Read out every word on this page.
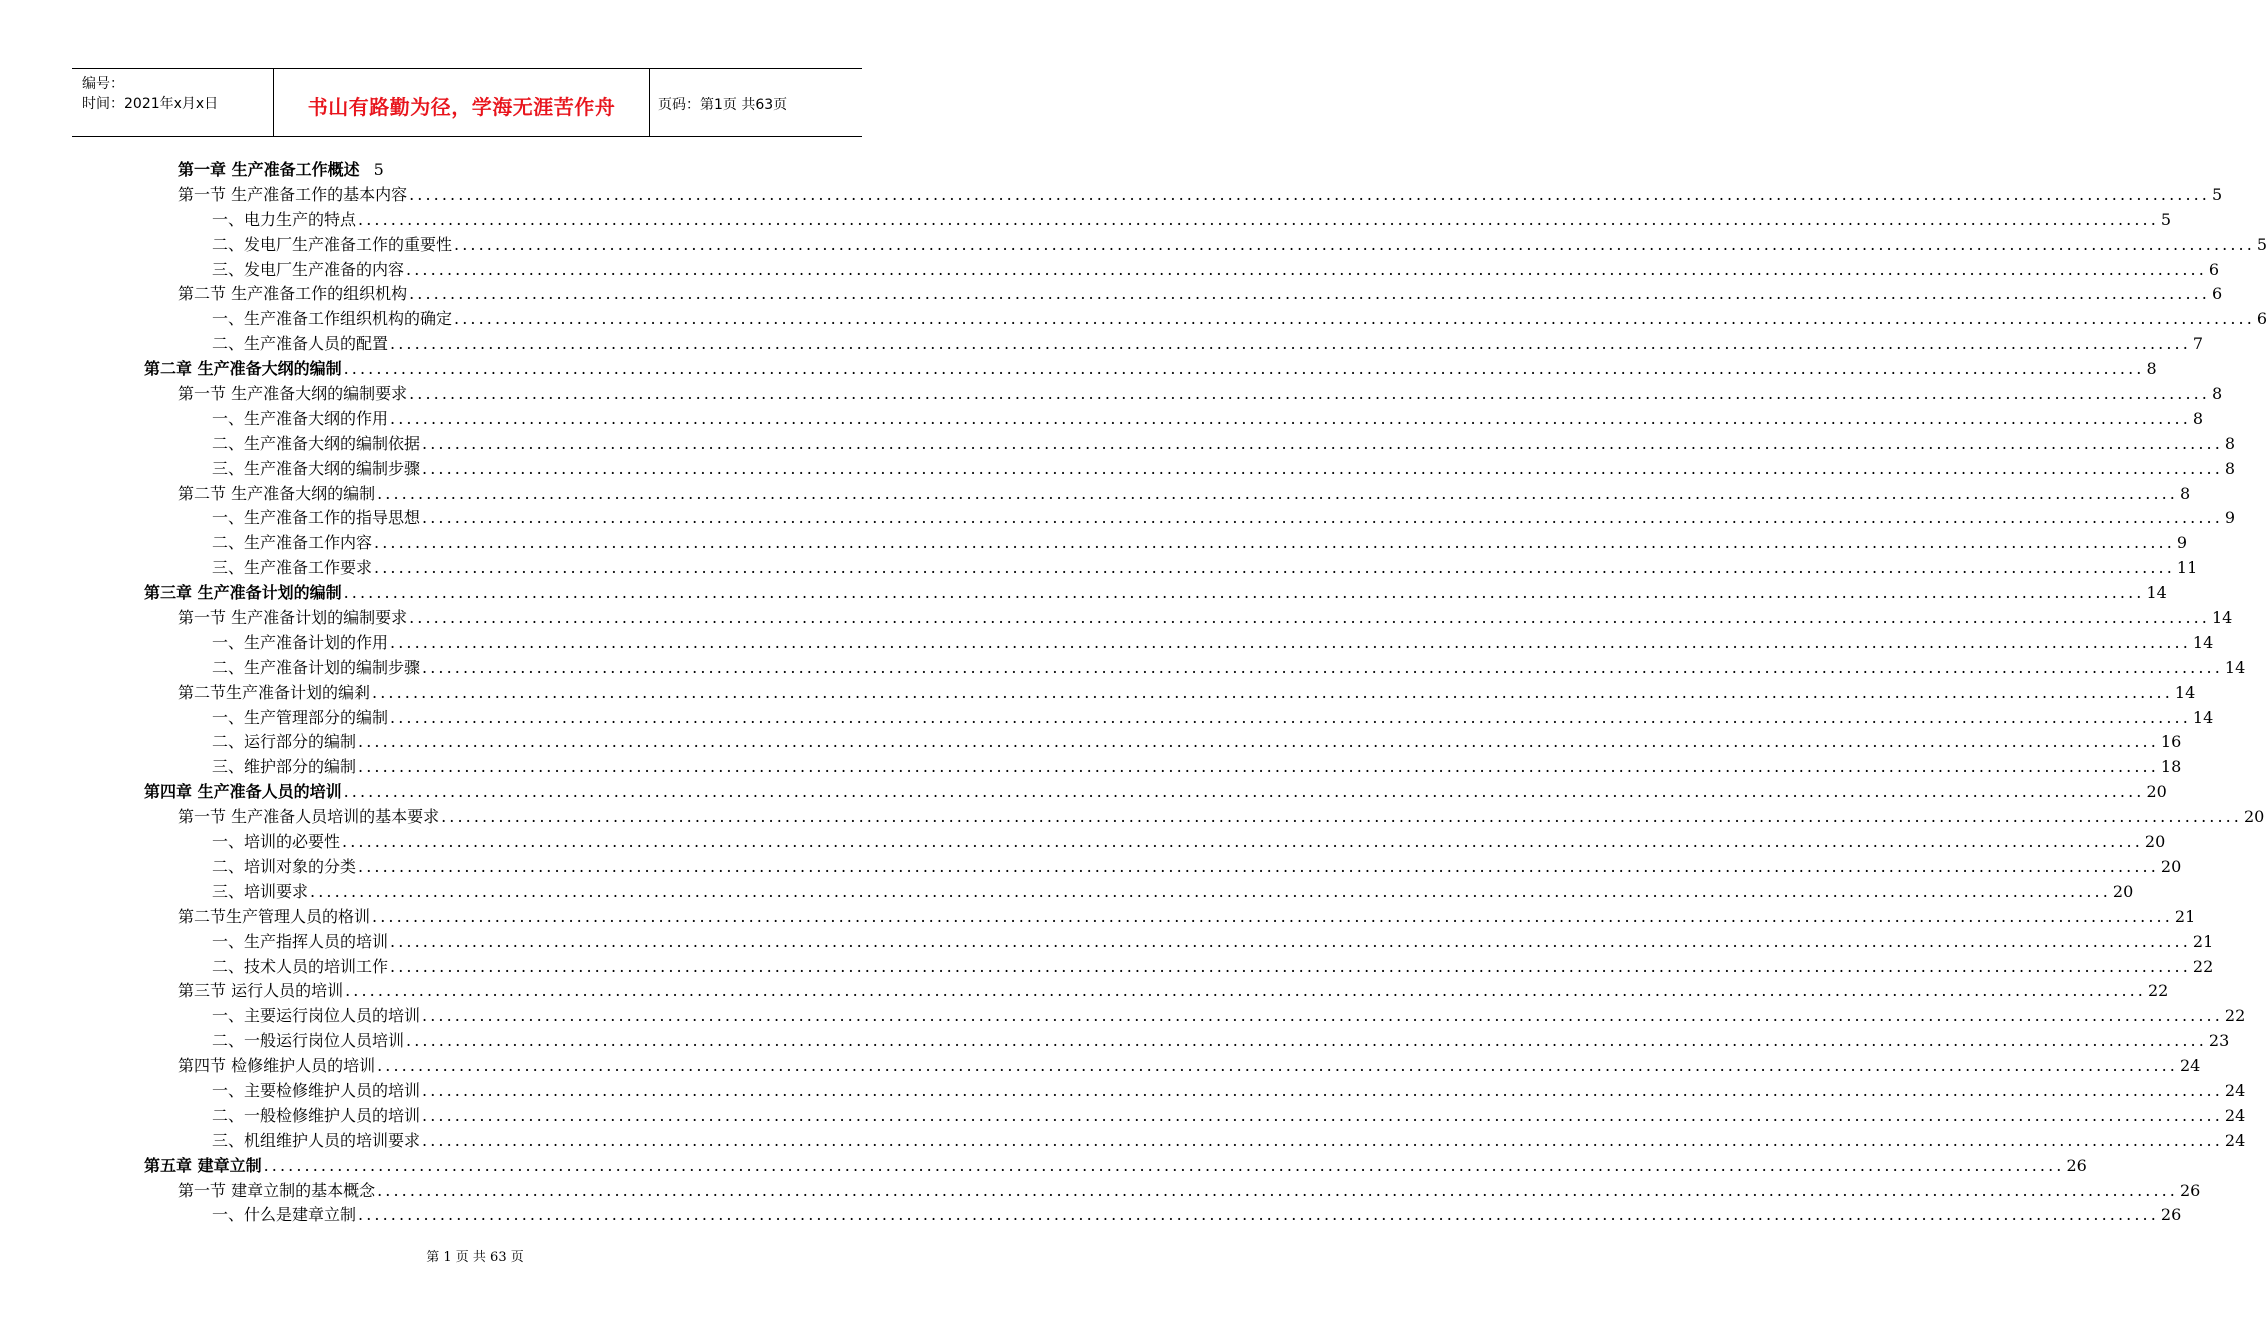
编号：
时间：2021年x月x日	书山有路勤为径，学海无涯苦作舟	页码：第1页 共63页
第一章 生产准备工作概述 5
第一节 生产准备工作的基本内容 ............................................................................................................................................................................................................................ 5
一、电力生产的特点 ............................................................................................................................................................................................................................ 5
二、发电厂生产准备工作的重要性 ............................................................................................................................................................................................................................ 5
三、发电厂生产准备的内容 ............................................................................................................................................................................................................................ 6
第二节 生产准备工作的组织机构 ............................................................................................................................................................................................................................ 6
一、生产准备工作组织机构的确定 ............................................................................................................................................................................................................................ 6
二、生产准备人员的配置 ............................................................................................................................................................................................................................ 7
第二章 生产准备大纲的编制 ............................................................................................................................................................................................................................ 8
第一节 生产准备大纲的编制要求 ............................................................................................................................................................................................................................ 8
一、生产准备大纲的作用 ............................................................................................................................................................................................................................ 8
二、生产准备大纲的编制依据 ............................................................................................................................................................................................................................ 8
三、生产准备大纲的编制步骤 ............................................................................................................................................................................................................................ 8
第二节 生产准备大纲的编制 ............................................................................................................................................................................................................................ 8
一、生产准备工作的指导思想 ............................................................................................................................................................................................................................ 9
二、生产准备工作内容 ............................................................................................................................................................................................................................ 9
三、生产准备工作要求 ............................................................................................................................................................................................................................ 11
第三章 生产准备计划的编制 ............................................................................................................................................................................................................................ 14
第一节 生产准备计划的编制要求 ............................................................................................................................................................................................................................ 14
一、生产准备计划的作用 ............................................................................................................................................................................................................................ 14
二、生产准备计划的编制步骤 ............................................................................................................................................................................................................................ 14
第二节生产准备计划的编剎 ............................................................................................................................................................................................................................ 14
一、生产管理部分的编制 ............................................................................................................................................................................................................................ 14
二、运行部分的编制 ............................................................................................................................................................................................................................ 16
三、维护部分的编制 ............................................................................................................................................................................................................................ 18
第四章 生产准备人员的培训 ............................................................................................................................................................................................................................ 20
第一节 生产准备人员培训的基本要求 ............................................................................................................................................................................................................................ 20
一、培训的必要性 ............................................................................................................................................................................................................................ 20
二、培训对象的分类 ............................................................................................................................................................................................................................ 20
三、培训要求 ............................................................................................................................................................................................................................ 20
第二节生产管理人员的格训 ............................................................................................................................................................................................................................ 21
一、生产指挥人员的培训 ............................................................................................................................................................................................................................ 21
二、技术人员的培训工作 ............................................................................................................................................................................................................................ 22
第三节 运行人员的培训 ............................................................................................................................................................................................................................ 22
一、主要运行岗位人员的培训 ............................................................................................................................................................................................................................ 22
二、一般运行岗位人员培训 ............................................................................................................................................................................................................................ 23
第四节 检修维护人员的培训 ............................................................................................................................................................................................................................ 24
一、主要检修维护人员的培训 ............................................................................................................................................................................................................................ 24
二、一般检修维护人员的培训 ............................................................................................................................................................................................................................ 24
三、机组维护人员的培训要求 ............................................................................................................................................................................................................................ 24
第五章 建章立制 ............................................................................................................................................................................................................................ 26
第一节 建章立制的基本概念 ............................................................................................................................................................................................................................ 26
一、什么是建章立制 ............................................................................................................................................................................................................................ 26
第 1 页 共 63 页
